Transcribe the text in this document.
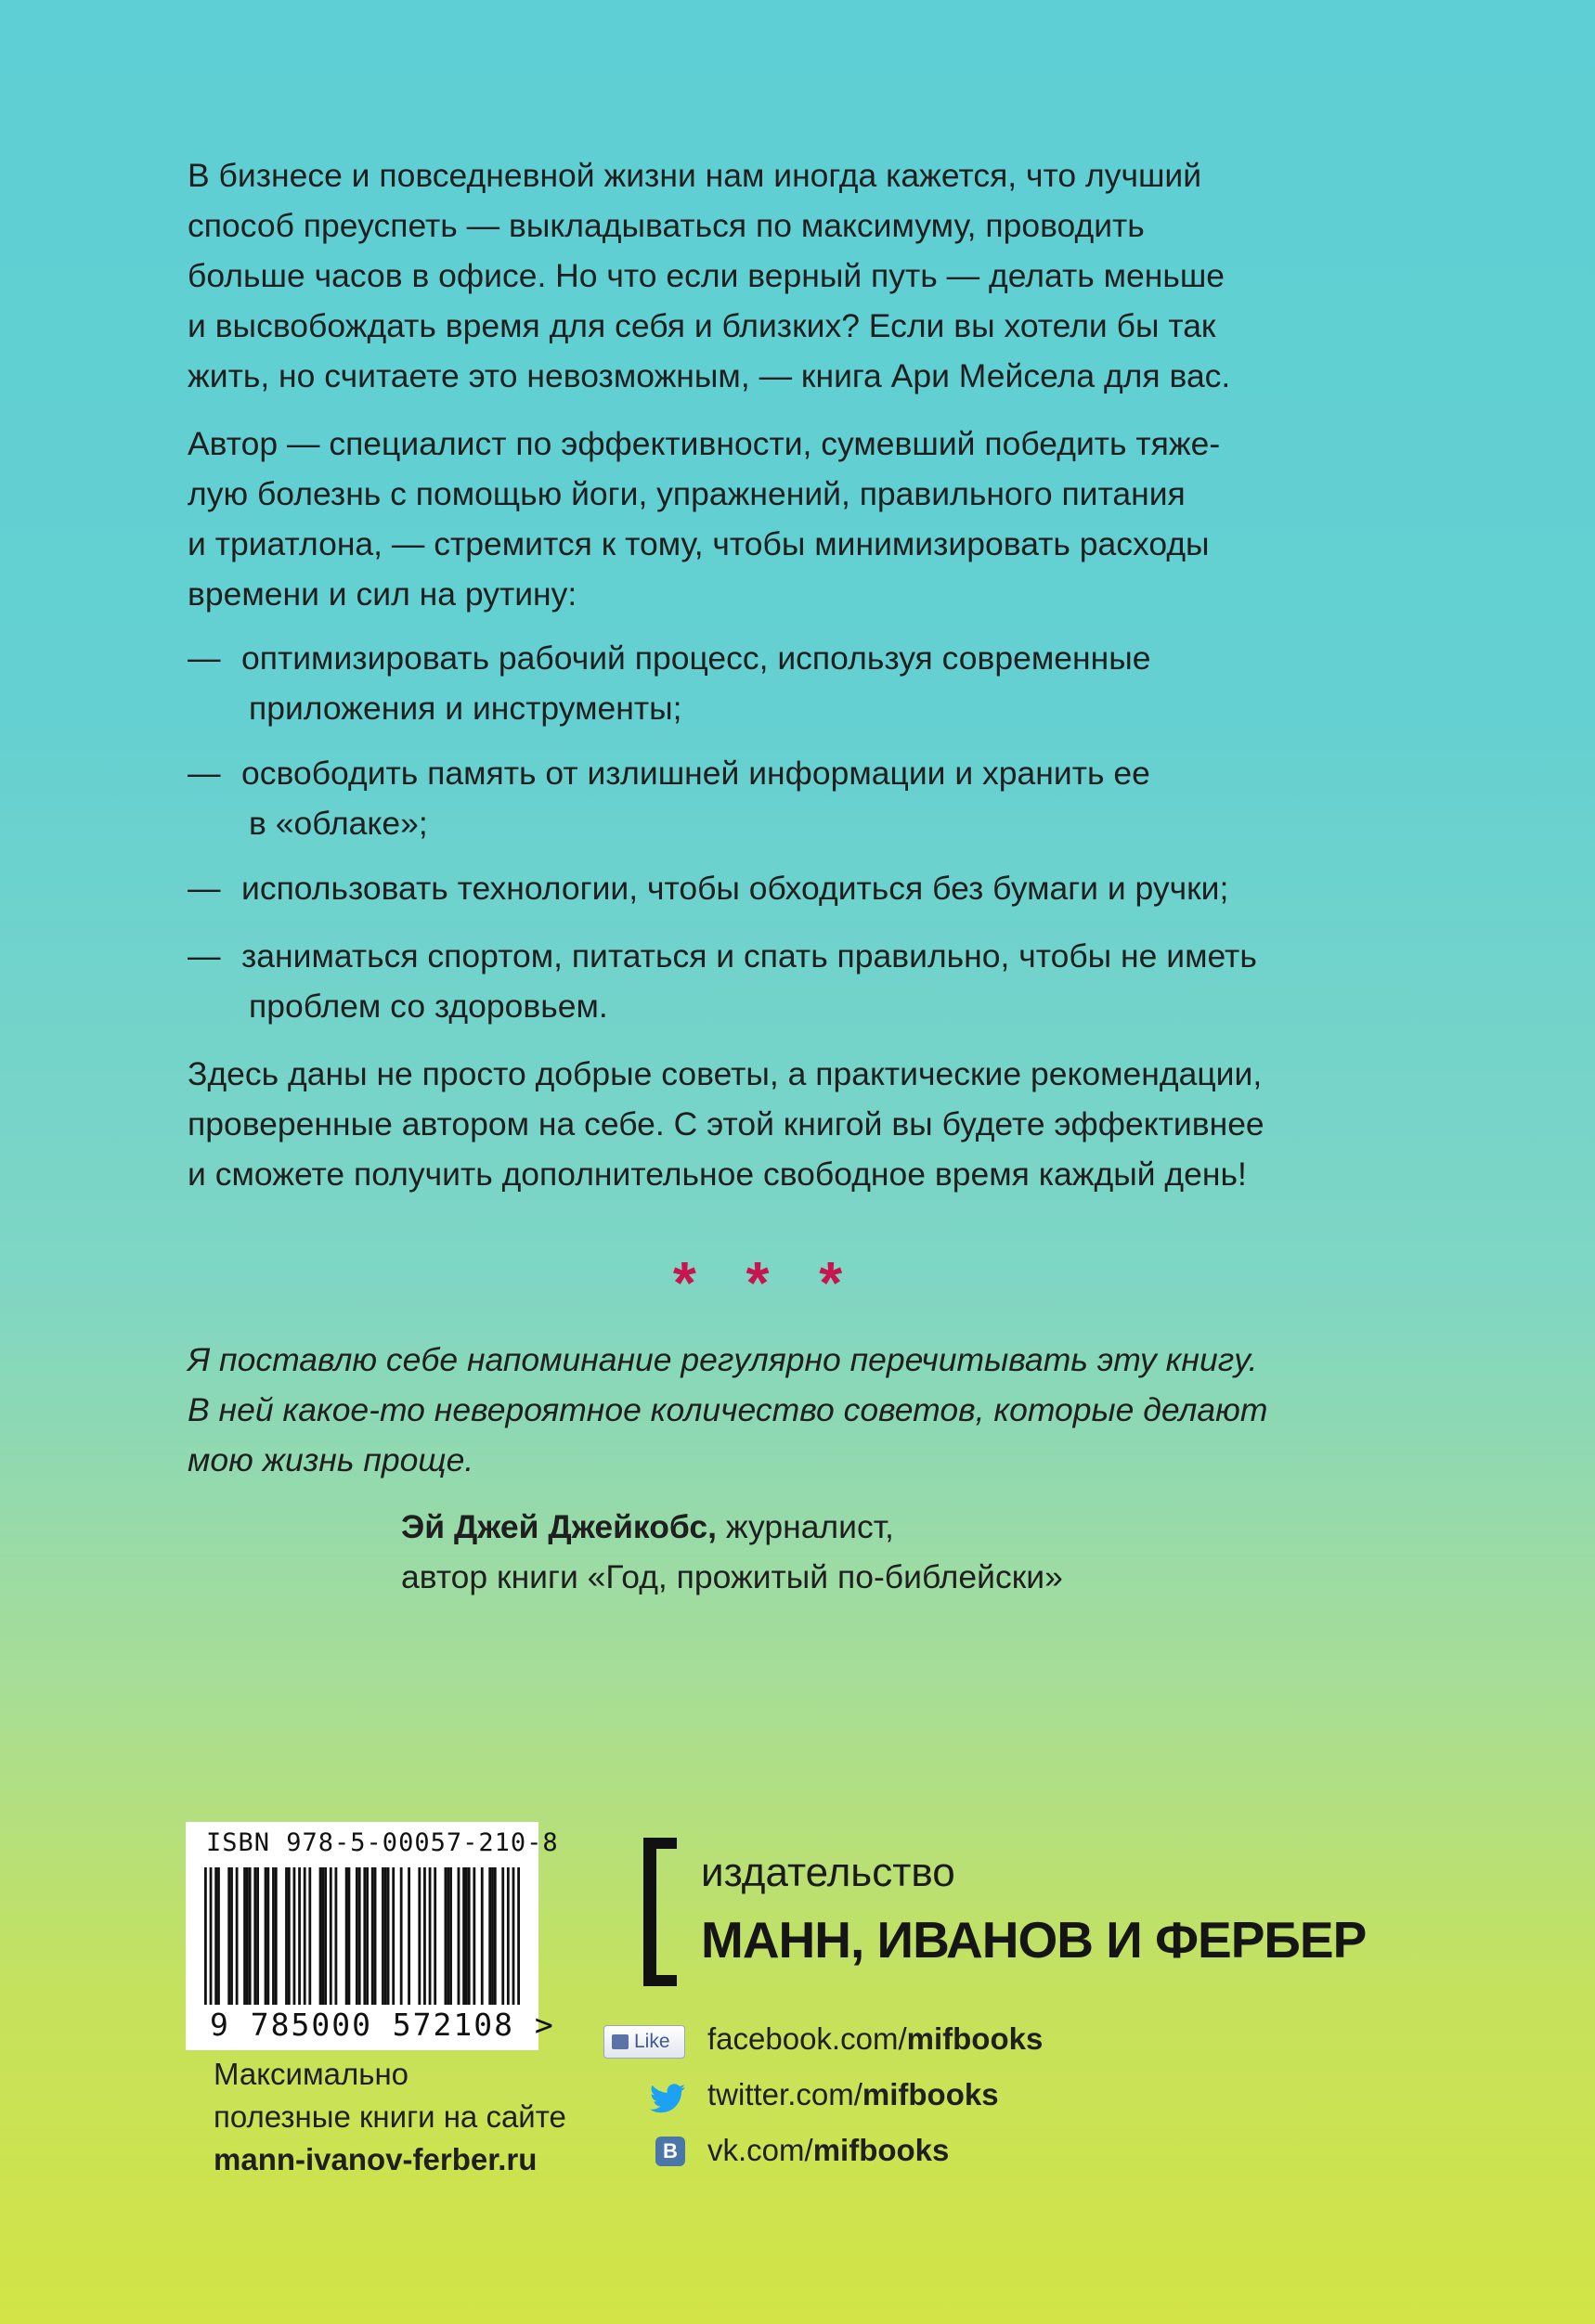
В бизнесе и повседневной жизни нам иногда кажется, что лучший
способ преуспеть — выкладываться по максимуму, проводить
больше часов в офисе. Но что если верный путь — делать меньше
и высвобождать время для себя и близких? Если вы хотели бы так
жить, но считаете это невозможным, — книга Ари Мейсела для вас.
Автор — специалист по эффективности, сумевший победить тяже-
лую болезнь с помощью йоги, упражнений, правильного питания
и триатлона, — стремится к тому, чтобы минимизировать расходы
времени и сил на рутину:
— оптимизировать рабочий процесс, используя современные
приложения и инструменты;
— освободить память от излишней информации и хранить ее
в «облаке»;
— использовать технологии, чтобы обходиться без бумаги и ручки;
— заниматься спортом, питаться и спать правильно, чтобы не иметь
проблем со здоровьем.
Здесь даны не просто добрые советы, а практические рекомендации,
проверенные автором на себе. С этой книгой вы будете эффективнее
и сможете получить дополнительное свободное время каждый день!
* * *
Я поставлю себе напоминание регулярно перечитывать эту книгу.
В ней какое-то невероятное количество советов, которые делают
мою жизнь проще.
Эй Джей Джейкобс, журналист,
автор книги «Год, прожитый по-библейски»
ISBN 978-5-00057-210-8
9 785000 572108 >
Максимально
полезные книги на сайте
mann-ivanov-ferber.ru
издательство
МАНН, ИВАНОВ И ФЕРБЕР
Like	facebook.com/mifbooks
twitter.com/mifbooks
В vk.com/mifbooks
